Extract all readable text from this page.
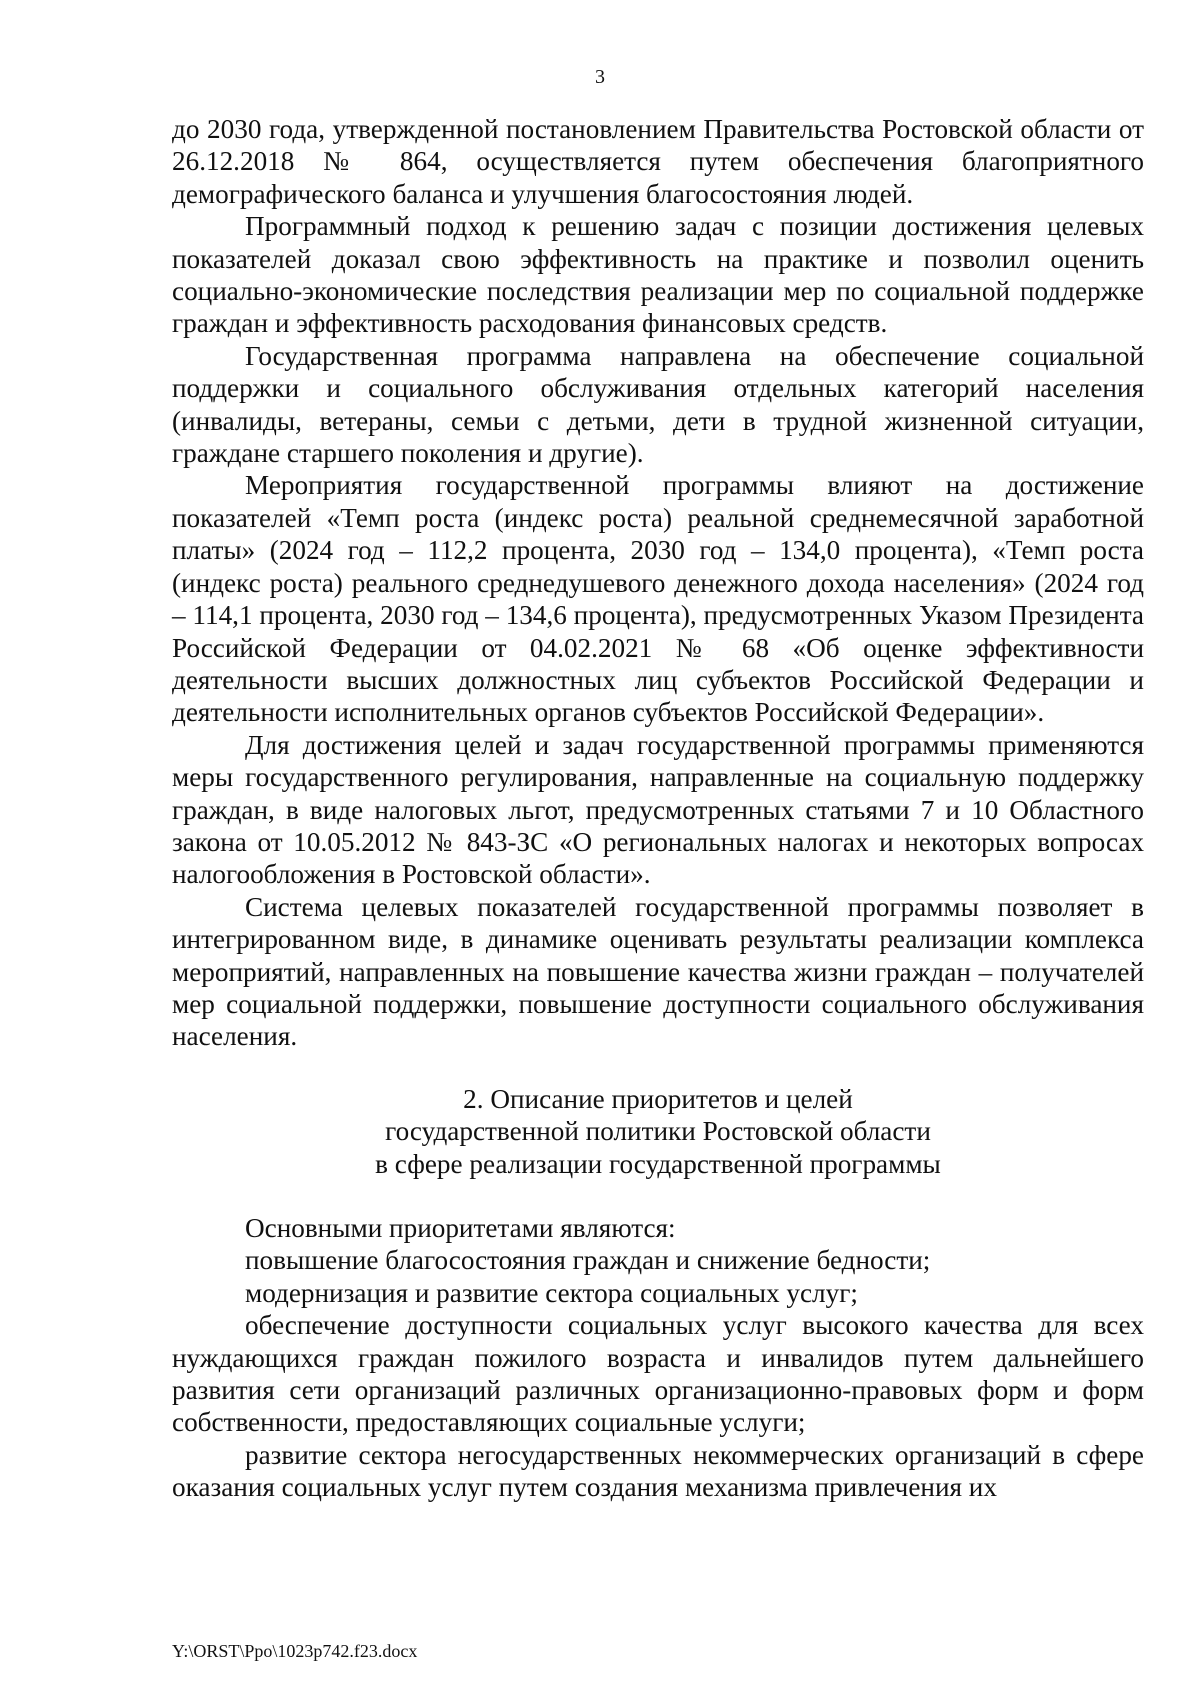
3

до 2030 года, утвержденной постановлением Правительства Ростовской области от 26.12.2018 № 864, осуществляется путем обеспечения благоприятного демографического баланса и улучшения благосостояния людей.

Программный подход к решению задач с позиции достижения целевых показателей доказал свою эффективность на практике и позволил оценить социально-экономические последствия реализации мер по социальной поддержке граждан и эффективность расходования финансовых средств.

Государственная программа направлена на обеспечение социальной поддержки и социального обслуживания отдельных категорий населения (инвалиды, ветераны, семьи с детьми, дети в трудной жизненной ситуации, граждане старшего поколения и другие).

Мероприятия государственной программы влияют на достижение показателей «Темп роста (индекс роста) реальной среднемесячной заработной платы» (2024 год – 112,2 процента, 2030 год – 134,0 процента), «Темп роста (индекс роста) реального среднедушевого денежного дохода населения» (2024 год – 114,1 процента, 2030 год – 134,6 процента), предусмотренных Указом Президента Российской Федерации от 04.02.2021 № 68 «Об оценке эффективности деятельности высших должностных лиц субъектов Российской Федерации и деятельности исполнительных органов субъектов Российской Федерации».

Для достижения целей и задач государственной программы применяются меры государственного регулирования, направленные на социальную поддержку граждан, в виде налоговых льгот, предусмотренных статьями 7 и 10 Областного закона от 10.05.2012 № 843-ЗС «О региональных налогах и некоторых вопросах налогообложения в Ростовской области».

Система целевых показателей государственной программы позволяет в интегрированном виде, в динамике оценивать результаты реализации комплекса мероприятий, направленных на повышение качества жизни граждан – получателей мер социальной поддержки, повышение доступности социального обслуживания населения.

2. Описание приоритетов и целей
государственной политики Ростовской области
в сфере реализации государственной программы

Основными приоритетами являются:

повышение благосостояния граждан и снижение бедности;

модернизация и развитие сектора социальных услуг;

обеспечение доступности социальных услуг высокого качества для всех нуждающихся граждан пожилого возраста и инвалидов путем дальнейшего развития сети организаций различных организационно-правовых форм и форм собственности, предоставляющих социальные услуги;

развитие сектора негосударственных некоммерческих организаций в сфере оказания социальных услуг путем создания механизма привлечения их

Y:\ORST\Ppo\1023p742.f23.docx
